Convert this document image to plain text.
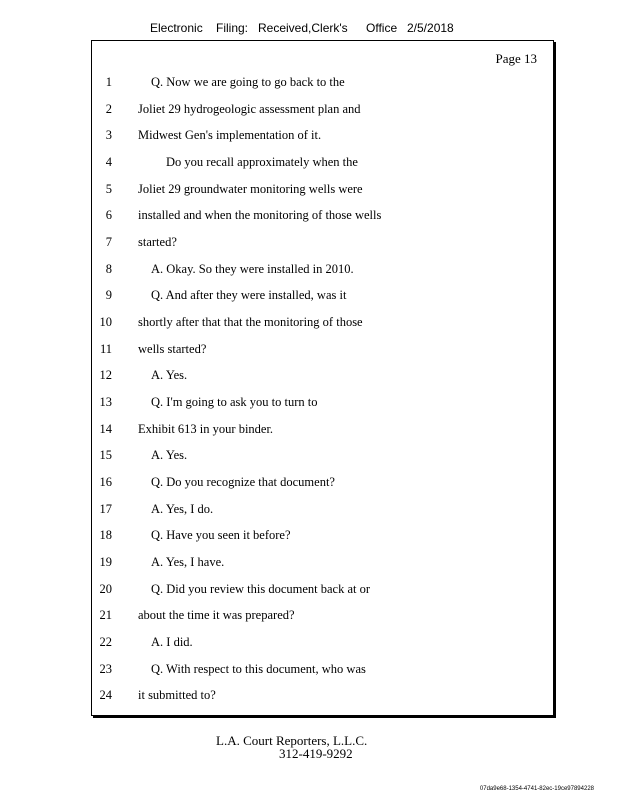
Electronic Filing: Received,Clerk's Office 2/5/2018
Page 13
1	Q. Now we are going to go back to the
2 Joliet 29 hydrogeologic assessment plan and
3 Midwest Gen's implementation of it.
4	Do you recall approximately when the
5 Joliet 29 groundwater monitoring wells were
6 installed and when the monitoring of those wells
7 started?
8	A. Okay. So they were installed in 2010.
9	Q. And after they were installed, was it
10 shortly after that that the monitoring of those
11 wells started?
12	A. Yes.
13	Q. I'm going to ask you to turn to
14 Exhibit 613 in your binder.
15	A. Yes.
16	Q. Do you recognize that document?
17	A. Yes, I do.
18	Q. Have you seen it before?
19	A. Yes, I have.
20	Q. Did you review this document back at or
21 about the time it was prepared?
22	A. I did.
23	Q. With respect to this document, who was
24 it submitted to?
L.A. Court Reporters, L.L.C.
312-419-9292
07da9e68-1354-4741-82ec-19ce97894228
